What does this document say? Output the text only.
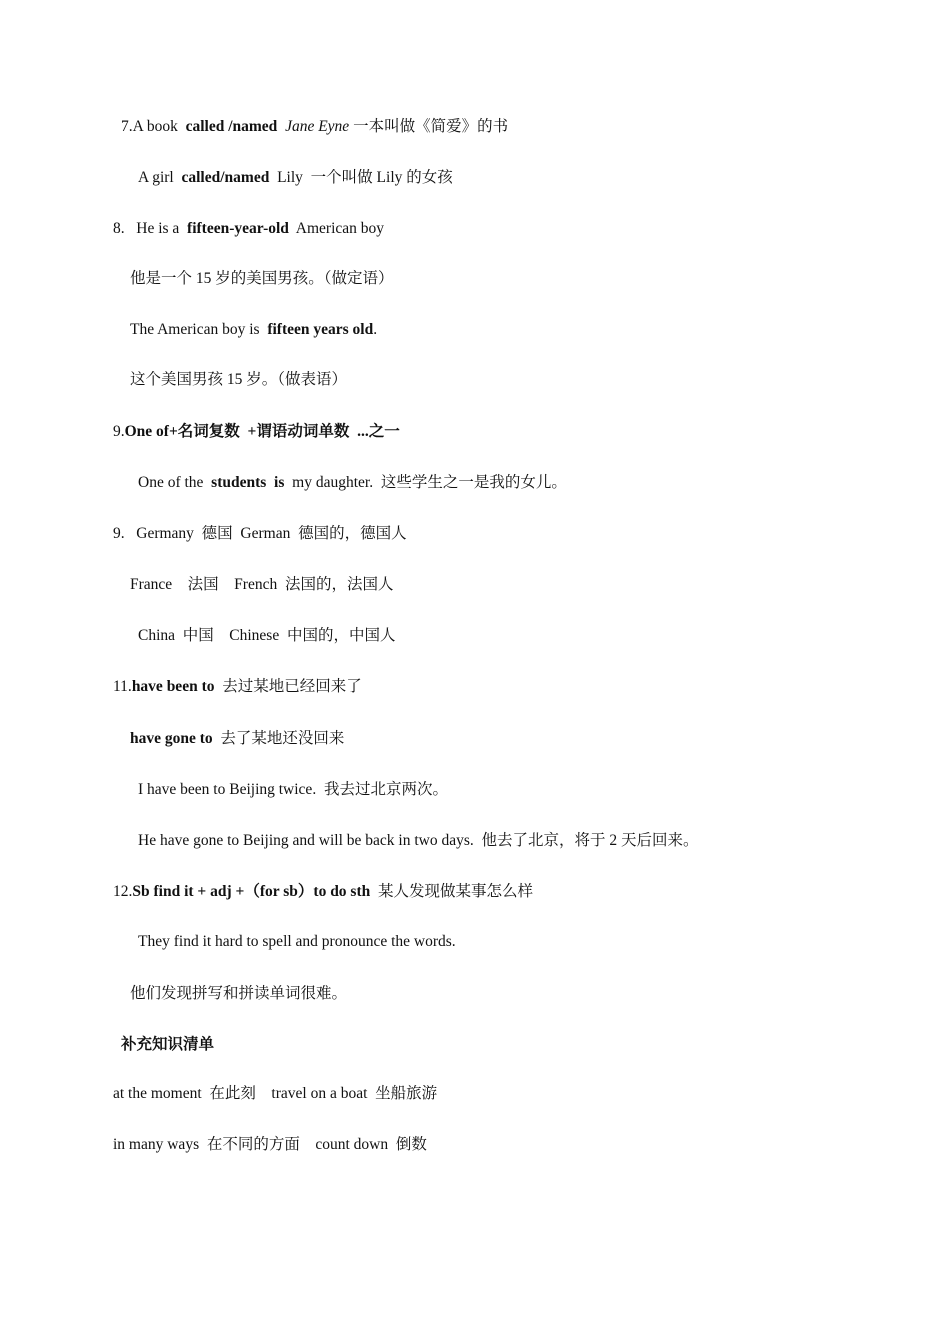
7.A book  called /named Jane Eyne 一本叫做《简爱》的书
A girl  called/named  Lily  一个叫做 Lily 的女孩
8.   He is a  fifteen-year-old  American boy
他是一个 15 岁的美国男孩。（做定语）
The American boy is  fifteen years old.
这个美国男孩 15 岁。（做表语）
9.One of+名词复数  +谓语动词单数  ...之一
One of the  students  is  my daughter.  这些学生之一是我的女儿。
9.   Germany  德国  German  德国的，德国人
France    法国    French  法国的，法国人
China  中国    Chinese  中国的，中国人
11.have been to  去过某地已经回来了
have gone to  去了某地还没回来
I have been to Beijing twice.  我去过北京两次。
He have gone to Beijing and will be back in two days.  他去了北京，将于 2 天后回来。
12.Sb find it + adj +（for sb）to do sth  某人发现做某事怎么样
They find it hard to spell and pronounce the words.
他们发现拼写和拼读单词很难。
补充知识清单
at the moment  在此刻    travel on a boat  坐船旅游
in many ways  在不同的方面    count down  倒数
